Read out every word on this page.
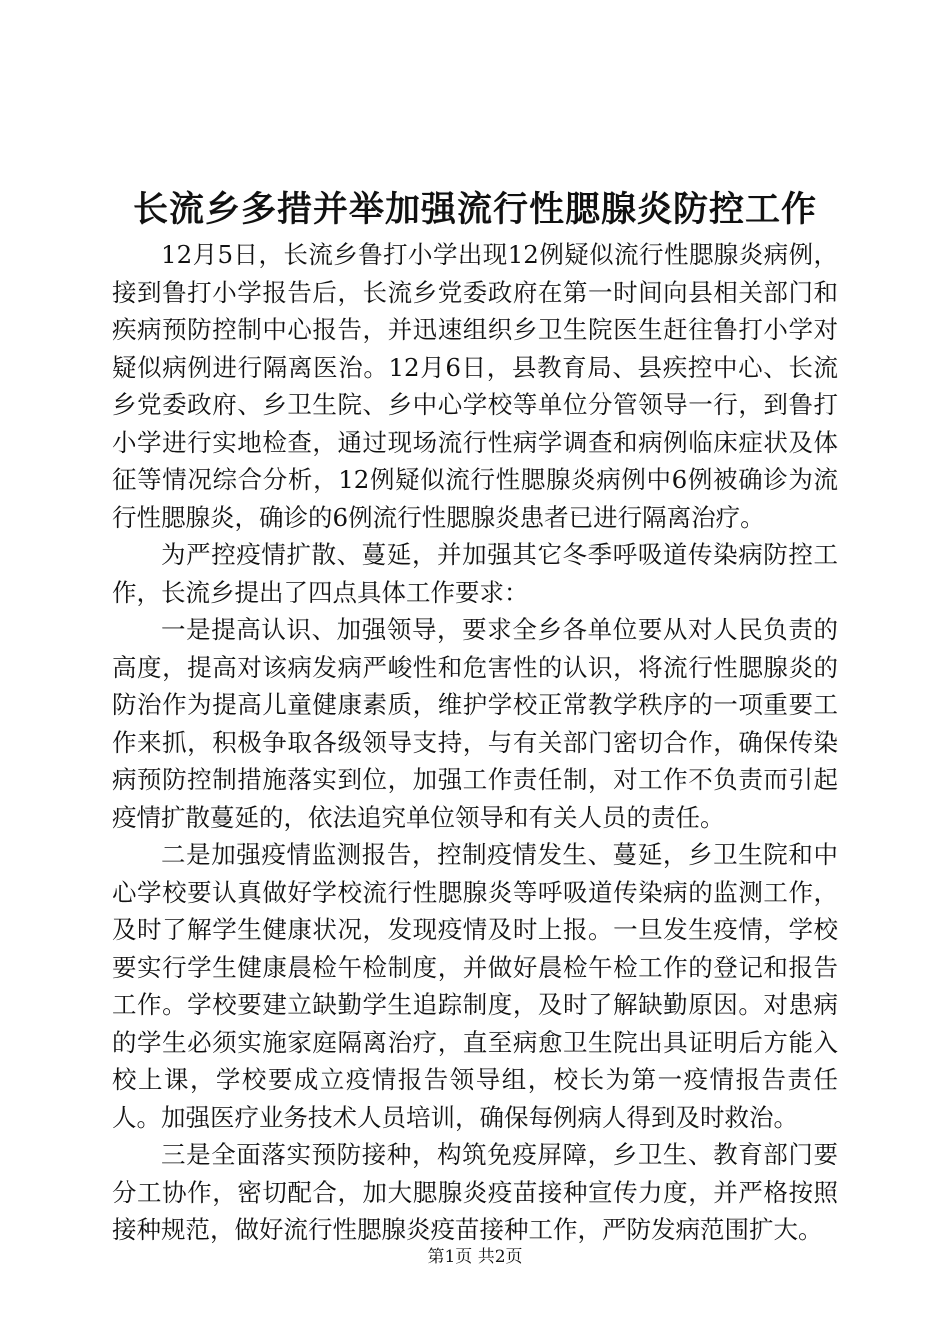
长流乡多措并举加强流行性腮腺炎防控工作

12月5日，长流乡鲁打小学出现12例疑似流行性腮腺炎病例，接到鲁打小学报告后，长流乡党委政府在第一时间向县相关部门和疾病预防控制中心报告，并迅速组织乡卫生院医生赶往鲁打小学对疑似病例进行隔离医治。12月6日，县教育局、县疾控中心、长流乡党委政府、乡卫生院、乡中心学校等单位分管领导一行，到鲁打小学进行实地检查，通过现场流行性病学调查和病例临床症状及体征等情况综合分析，12例疑似流行性腮腺炎病例中6例被确诊为流行性腮腺炎，确诊的6例流行性腮腺炎患者已进行隔离治疗。

为严控疫情扩散、蔓延，并加强其它冬季呼吸道传染病防控工作，长流乡提出了四点具体工作要求：

一是提高认识、加强领导，要求全乡各单位要从对人民负责的高度，提高对该病发病严峻性和危害性的认识，将流行性腮腺炎的防治作为提高儿童健康素质，维护学校正常教学秩序的一项重要工作来抓，积极争取各级领导支持，与有关部门密切合作，确保传染病预防控制措施落实到位，加强工作责任制，对工作不负责而引起疫情扩散蔓延的，依法追究单位领导和有关人员的责任。

二是加强疫情监测报告，控制疫情发生、蔓延，乡卫生院和中心学校要认真做好学校流行性腮腺炎等呼吸道传染病的监测工作，及时了解学生健康状况，发现疫情及时上报。一旦发生疫情，学校要实行学生健康晨检午检制度，并做好晨检午检工作的登记和报告工作。学校要建立缺勤学生追踪制度，及时了解缺勤原因。对患病的学生必须实施家庭隔离治疗，直至病愈卫生院出具证明后方能入校上课，学校要成立疫情报告领导组，校长为第一疫情报告责任人。加强医疗业务技术人员培训，确保每例病人得到及时救治。

三是全面落实预防接种，构筑免疫屏障，乡卫生、教育部门要分工协作，密切配合，加大腮腺炎疫苗接种宣传力度，并严格按照接种规范，做好流行性腮腺炎疫苗接种工作，严防发病范围扩大。

第1页 共2页
